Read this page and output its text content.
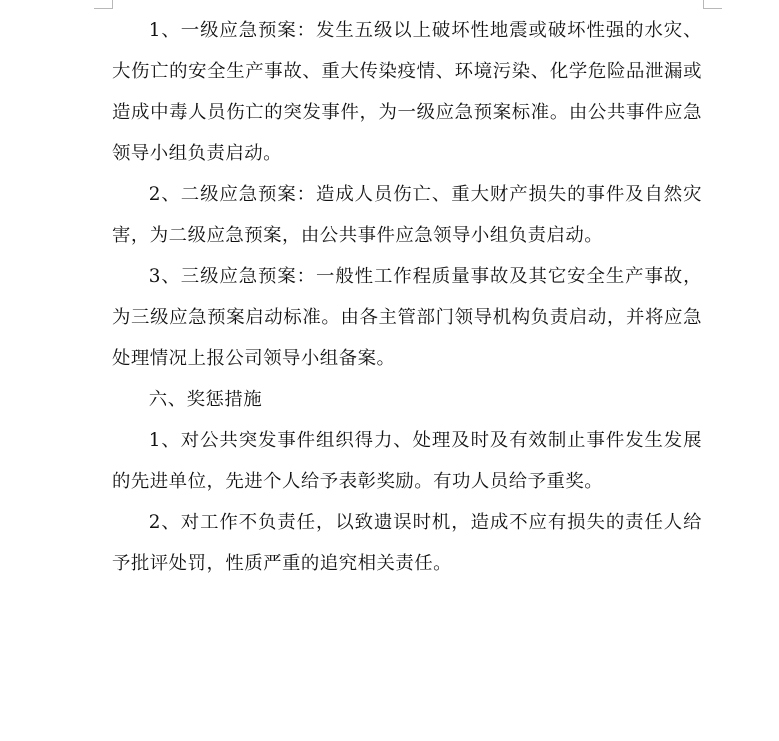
1、一级应急预案：发生五级以上破坏性地震或破坏性强的水灾、大伤亡的安全生产事故、重大传染疫情、环境污染、化学危险品泄漏或造成中毒人员伤亡的突发事件，为一级应急预案标准。由公共事件应急领导小组负责启动。

2、二级应急预案：造成人员伤亡、重大财产损失的事件及自然灾害，为二级应急预案，由公共事件应急领导小组负责启动。

3、三级应急预案：一般性工作程质量事故及其它安全生产事故，为三级应急预案启动标准。由各主管部门领导机构负责启动，并将应急处理情况上报公司领导小组备案。

六、奖惩措施

1、对公共突发事件组织得力、处理及时及有效制止事件发生发展的先进单位，先进个人给予表彰奖励。有功人员给予重奖。

2、对工作不负责任，以致遗误时机，造成不应有损失的责任人给予批评处罚，性质严重的追究相关责任。
